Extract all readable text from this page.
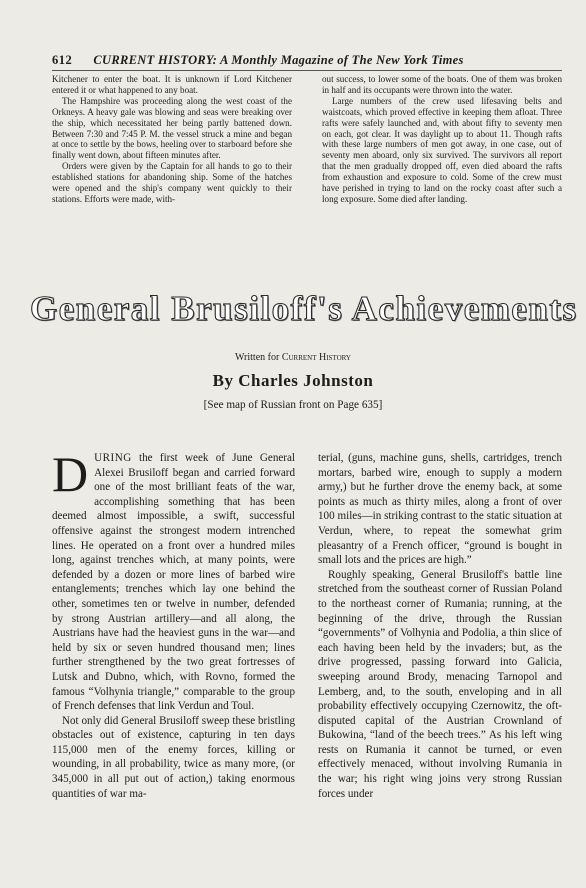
612 CURRENT HISTORY: A Monthly Magazine of The New York Times

Kitchener to enter the boat. It is unknown if Lord Kitchener entered it or what happened to any boat.

The Hampshire was proceeding along the west coast of the Orkneys. A heavy gale was blowing and seas were breaking over the ship, which necessitated her being partly battened down. Between 7:30 and 7:45 P. M. the vessel struck a mine and began at once to settle by the bows, heeling over to starboard before she finally went down, about fifteen minutes after.

Orders were given by the Captain for all hands to go to their established stations for abandoning ship. Some of the hatches were opened and the ship's company went quickly to their stations. Efforts were made, with-

out success, to lower some of the boats. One of them was broken in half and its occupants were thrown into the water.

Large numbers of the crew used lifesaving belts and waistcoats, which proved effective in keeping them afloat. Three rafts were safely launched and, with about fifty to seventy men on each, got clear. It was daylight up to about 11. Though rafts with these large numbers of men got away, in one case, out of seventy men aboard, only six survived. The survivors all report that the men gradually dropped off, even died aboard the rafts from exhaustion and exposure to cold. Some of the crew must have perished in trying to land on the rocky coast after such a long exposure. Some died after landing.

General Brusiloff's Achievements
Written for Current History
By Charles Johnston
[See map of Russian front on Page 635]

DURING the first week of June General Alexei Brusiloff began and carried forward one of the most brilliant feats of the war, accomplishing something that has been deemed almost impossible, a swift, successful offensive against the strongest modern intrenched lines. He operated on a front over a hundred miles long, against trenches which, at many points, were defended by a dozen or more lines of barbed wire entanglements; trenches which lay one behind the other, sometimes ten or twelve in number, defended by strong Austrian artillery—and all along, the Austrians have had the heaviest guns in the war—and held by six or seven hundred thousand men; lines further strengthened by the two great fortresses of Lutsk and Dubno, which, with Rovno, formed the famous “Volhynia triangle,” comparable to the group of French defenses that link Verdun and Toul.

Not only did General Brusiloff sweep these bristling obstacles out of existence, capturing in ten days 115,000 men of the enemy forces, killing or wounding, in all probability, twice as many more, (or 345,000 in all put out of action,) taking enormous quantities of war ma-

terial, (guns, machine guns, shells, cartridges, trench mortars, barbed wire, enough to supply a modern army,) but he further drove the enemy back, at some points as much as thirty miles, along a front of over 100 miles—in striking contrast to the static situation at Verdun, where, to repeat the somewhat grim pleasantry of a French officer, “ground is bought in small lots and the prices are high.”

Roughly speaking, General Brusiloff's battle line stretched from the southeast corner of Russian Poland to the northeast corner of Rumania; running, at the beginning of the drive, through the Russian “governments” of Volhynia and Podolia, a thin slice of each having been held by the invaders; but, as the drive progressed, passing forward into Galicia, sweeping around Brody, menacing Tarnopol and Lemberg, and, to the south, enveloping and in all probability effectively occupying Czernowitz, the oft-disputed capital of the Austrian Crownland of Bukowina, “land of the beech trees.” As his left wing rests on Rumania it cannot be turned, or even effectively menaced, without involving Rumania in the war; his right wing joins very strong Russian forces under
